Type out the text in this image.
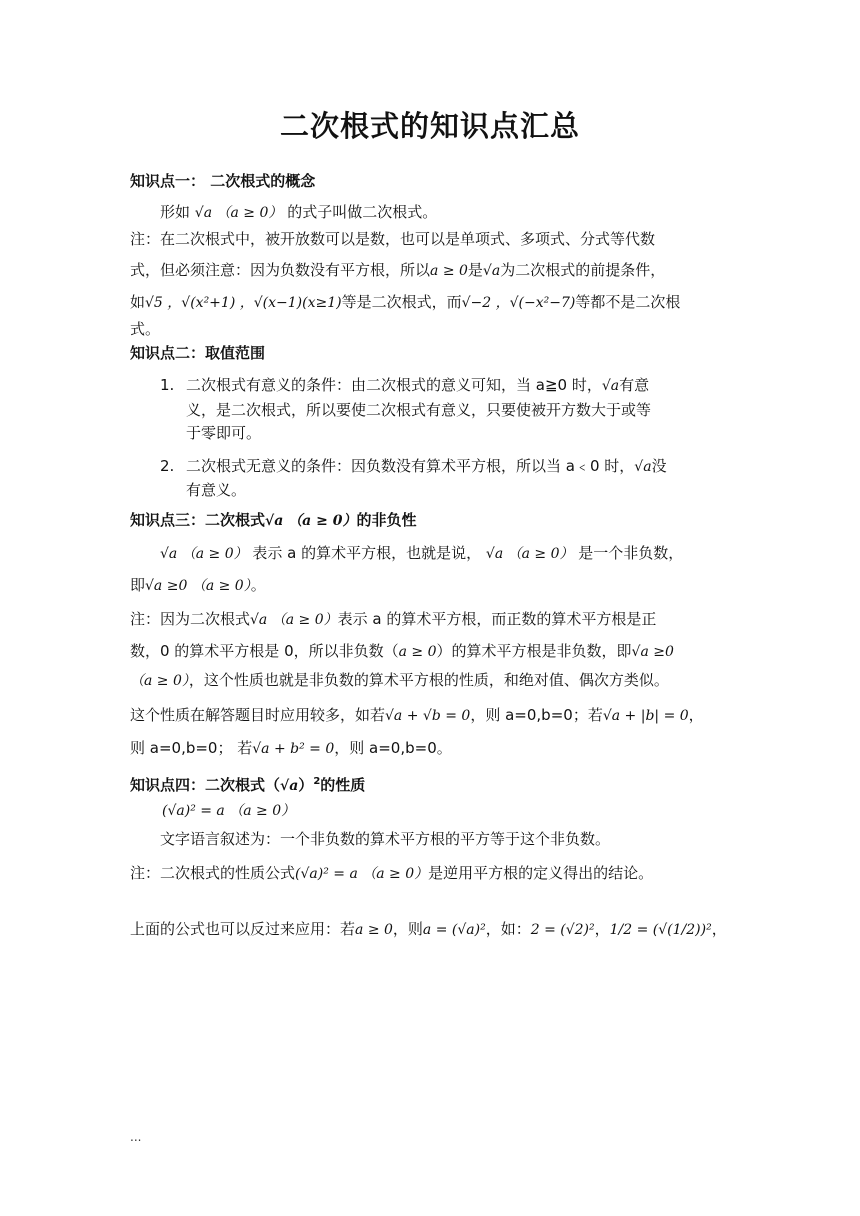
二次根式的知识点汇总
知识点一： 二次根式的概念
形如 √a （a ≥ 0） 的式子叫做二次根式。
注：在二次根式中，被开放数可以是数，也可以是单项式、多项式、分式等代数
式，但必须注意：因为负数没有平方根，所以a ≥ 0是√a为二次根式的前提条件，
如√5 ，√(x²+1) ，√(x−1)(x≥1)等是二次根式，而√−2 ，√(−x²−7)等都不是二次根
式。
知识点二：取值范围
1. 二次根式有意义的条件：由二次根式的意义可知，当 a≧0 时，√a有意
义，是二次根式，所以要使二次根式有意义，只要使被开方数大于或等
于零即可。
2. 二次根式无意义的条件：因负数没有算术平方根，所以当 a﹤0 时，√a没
有意义。
知识点三：二次根式√a （a ≥ 0）的非负性
√a （a ≥ 0） 表示 a 的算术平方根，也就是说， √a （a ≥ 0） 是一个非负数，
即√a ≥0 （a ≥ 0）。
注：因为二次根式√a （a ≥ 0）表示 a 的算术平方根，而正数的算术平方根是正
数，0 的算术平方根是 0，所以非负数（a ≥ 0）的算术平方根是非负数，即√a ≥0
（a ≥ 0），这个性质也就是非负数的算术平方根的性质，和绝对值、偶次方类似。
这个性质在解答题目时应用较多，如若√a + √b = 0，则 a=0,b=0；若√a + |b| = 0，
则 a=0,b=0； 若√a + b² = 0，则 a=0,b=0。
知识点四：二次根式$(√a)^2$的性质
(√a)² = a （a ≥ 0）
文字语言叙述为：一个非负数的算术平方根的平方等于这个非负数。
注：二次根式的性质公式(√a)² = a （a ≥ 0）是逆用平方根的定义得出的结论。
上面的公式也可以反过来应用：若a ≥ 0，则a = (√a)²，如：2 = (√2)²，1/2 = (√(1/2))²，
...
